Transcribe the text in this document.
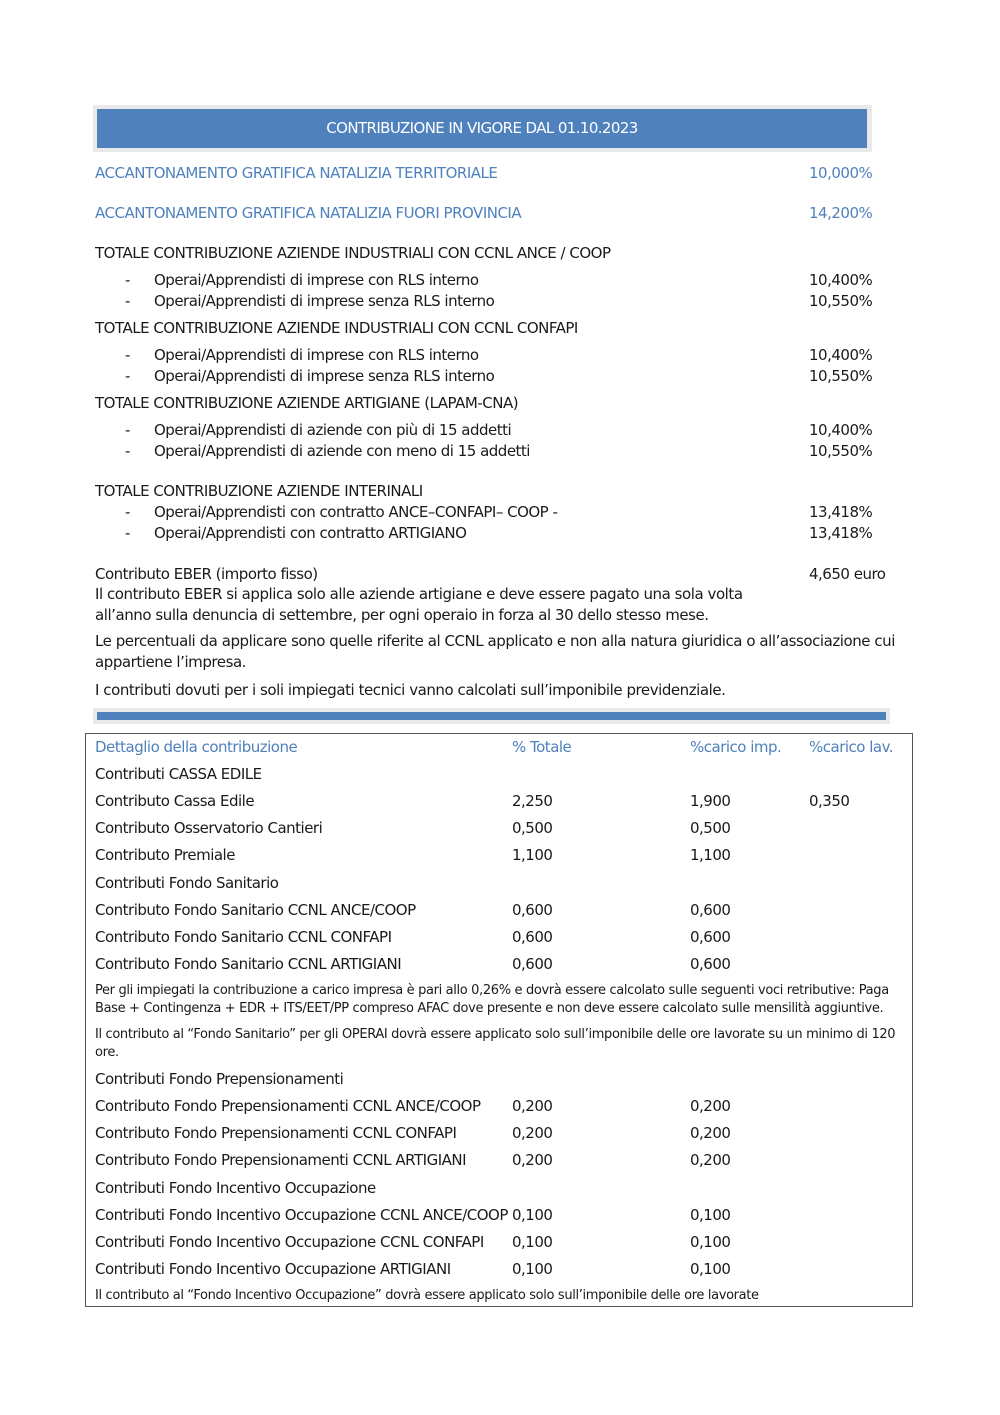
CONTRIBUZIONE IN VIGORE DAL 01.10.2023
ACCANTONAMENTO GRATIFICA NATALIZIA TERRITORIALE	10,000%
ACCANTONAMENTO GRATIFICA NATALIZIA FUORI PROVINCIA	14,200%
TOTALE CONTRIBUZIONE AZIENDE INDUSTRIALI CON CCNL ANCE / COOP
- Operai/Apprendisti di imprese con RLS interno	10,400%
- Operai/Apprendisti di imprese senza RLS interno	10,550%
TOTALE CONTRIBUZIONE AZIENDE INDUSTRIALI CON CCNL CONFAPI
- Operai/Apprendisti di imprese con RLS interno	10,400%
- Operai/Apprendisti di imprese senza RLS interno	10,550%
TOTALE CONTRIBUZIONE AZIENDE ARTIGIANE (LAPAM-CNA)
- Operai/Apprendisti di aziende con più di 15 addetti	10,400%
- Operai/Apprendisti di aziende con meno di 15 addetti	10,550%
TOTALE CONTRIBUZIONE AZIENDE INTERINALI
- Operai/Apprendisti con contratto ANCE–CONFAPI– COOP -	13,418%
- Operai/Apprendisti con contratto ARTIGIANO	13,418%
Contributo EBER (importo fisso)	4,650 euro
Il contributo EBER si applica solo alle aziende artigiane e deve essere pagato una sola volta all’anno sulla denuncia di settembre, per ogni operaio in forza al 30 dello stesso mese.
Le percentuali da applicare sono quelle riferite al CCNL applicato e non alla natura giuridica o all’associazione cui appartiene l’impresa.
I contributi dovuti per i soli impiegati tecnici vanno calcolati sull’imponibile previdenziale.
Dettaglio della contribuzione	% Totale	%carico imp. %carico lav.
Contributi CASSA EDILE
Contributo Cassa Edile	2,250	1,900	0,350
Contributo Osservatorio Cantieri	0,500	0,500
Contributo Premiale	1,100	1,100
Contributi Fondo Sanitario
Contributo Fondo Sanitario CCNL ANCE/COOP	0,600	0,600
Contributo Fondo Sanitario CCNL CONFAPI	0,600	0,600
Contributo Fondo Sanitario CCNL ARTIGIANI	0,600	0,600
Per gli impiegati la contribuzione a carico impresa è pari allo 0,26% e dovrà essere calcolato sulle seguenti voci retributive: Paga Base + Contingenza + EDR + ITS/EET/PP compreso AFAC dove presente e non deve essere calcolato sulle mensilità aggiuntive.
Il contributo al “Fondo Sanitario” per gli OPERAI dovrà essere applicato solo sull’imponibile delle ore lavorate su un minimo di 120 ore.
Contributi Fondo Prepensionamenti
Contributo Fondo Prepensionamenti CCNL ANCE/COOP 0,200	0,200
Contributo Fondo Prepensionamenti CCNL CONFAPI	0,200	0,200
Contributo Fondo Prepensionamenti CCNL ARTIGIANI	0,200	0,200
Contributi Fondo Incentivo Occupazione
Contributi Fondo Incentivo Occupazione CCNL ANCE/COOP 0,100	0,100
Contributi Fondo Incentivo Occupazione CCNL CONFAPI 0,100	0,100
Contributi Fondo Incentivo Occupazione ARTIGIANI	0,100	0,100
Il contributo al “Fondo Incentivo Occupazione” dovrà essere applicato solo sull’imponibile delle ore lavorate
